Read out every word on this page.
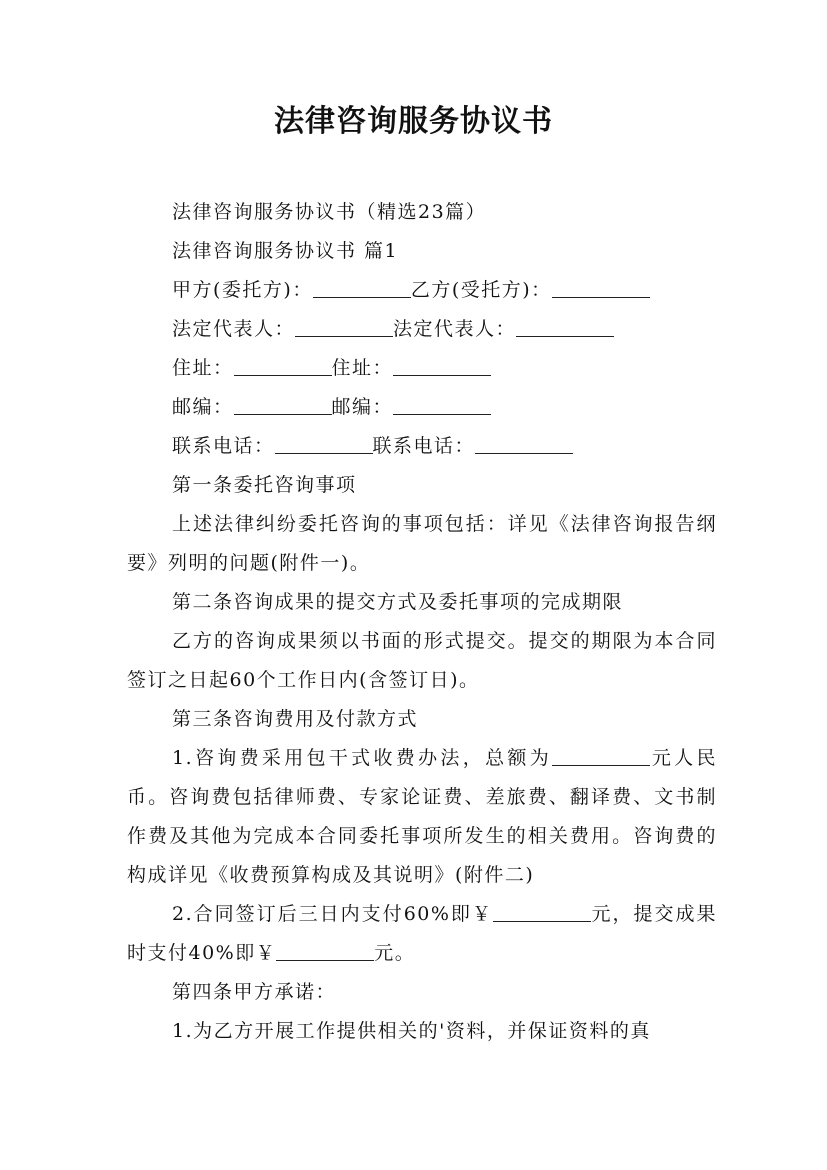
法律咨询服务协议书

法律咨询服务协议书（精选23篇）

法律咨询服务协议书 篇1

甲方(委托方)：	乙方(受托方)：

法定代表人：	法定代表人：

住址：	住址：

邮编：	邮编：

联系电话：	联系电话：

第一条委托咨询事项

上述法律纠纷委托咨询的事项包括：详见《法律咨询报告纲要》列明的问题(附件一)。

第二条咨询成果的提交方式及委托事项的完成期限

乙方的咨询成果须以书面的形式提交。提交的期限为本合同签订之日起60个工作日内(含签订日)。

第三条咨询费用及付款方式

1.咨询费采用包干式收费办法，总额为	元人民币。咨询费包括律师费、专家论证费、差旅费、翻译费、文书制作费及其他为完成本合同委托事项所发生的相关费用。咨询费的构成详见《收费预算构成及其说明》(附件二)

2.合同签订后三日内支付60%即￥	元，提交成果时支付40%即￥	元。

第四条甲方承诺：

1.为乙方开展工作提供相关的'资料，并保证资料的真
